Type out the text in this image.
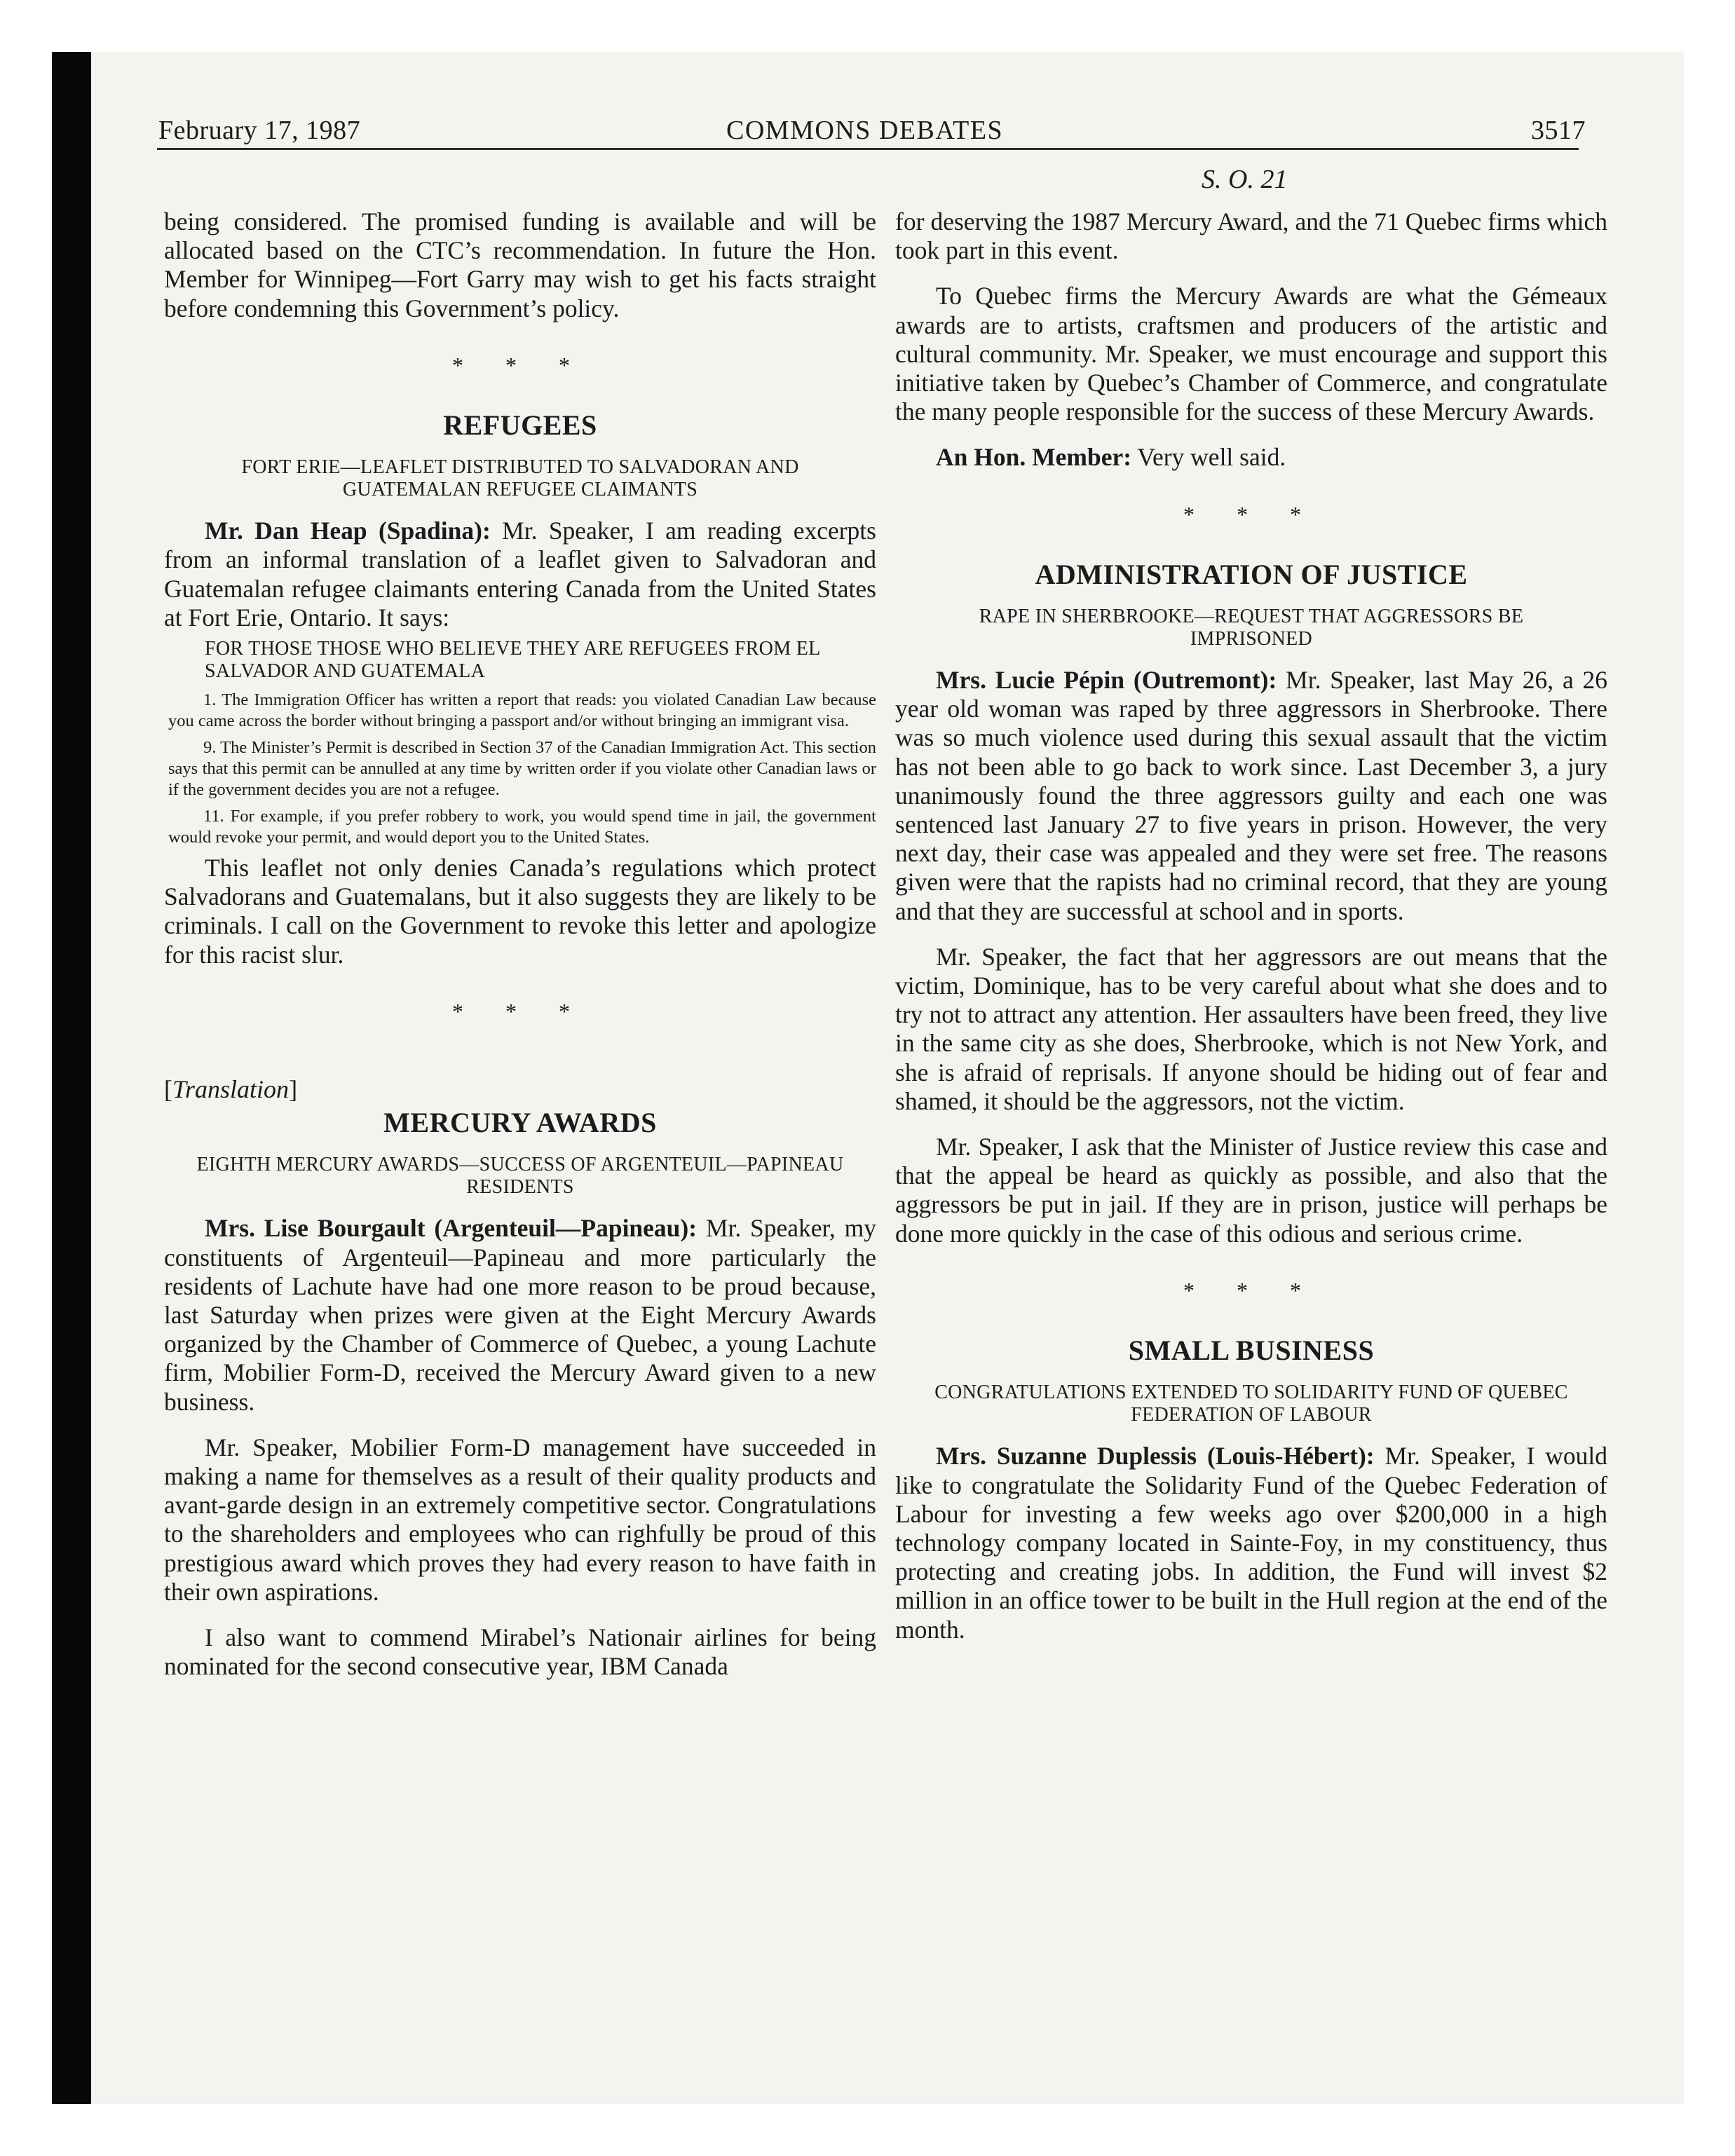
February 17, 1987	COMMONS DEBATES	3517
S. O. 21

being considered. The promised funding is available and will be allocated based on the CTC’s recommendation. In future the Hon. Member for Winnipeg—Fort Garry may wish to get his facts straight before condemning this Government’s policy.

* * *
REFUGEES
FORT ERIE—LEAFLET DISTRIBUTED TO SALVADORAN AND GUATEMALAN REFUGEE CLAIMANTS

Mr. Dan Heap (Spadina): Mr. Speaker, I am reading excerpts from an informal translation of a leaflet given to Salvadoran and Guatemalan refugee claimants entering Canada from the United States at Fort Erie, Ontario. It says:

FOR THOSE THOSE WHO BELIEVE THEY ARE REFUGEES FROM EL SALVADOR AND GUATEMALA

1. The Immigration Officer has written a report that reads: you violated Canadian Law because you came across the border without bringing a passport and/or without bringing an immigrant visa.

9. The Minister’s Permit is described in Section 37 of the Canadian Immigration Act. This section says that this permit can be annulled at any time by written order if you violate other Canadian laws or if the government decides you are not a refugee.

11. For example, if you prefer robbery to work, you would spend time in jail, the government would revoke your permit, and would deport you to the United States.

This leaflet not only denies Canada’s regulations which protect Salvadorans and Guatemalans, but it also suggests they are likely to be criminals. I call on the Government to revoke this letter and apologize for this racist slur.

* * *
[Translation]
MERCURY AWARDS
EIGHTH MERCURY AWARDS—SUCCESS OF ARGENTEUIL—PAPINEAU RESIDENTS

Mrs. Lise Bourgault (Argenteuil—Papineau): Mr. Speaker, my constituents of Argenteuil—Papineau and more particularly the residents of Lachute have had one more reason to be proud because, last Saturday when prizes were given at the Eight Mercury Awards organized by the Chamber of Commerce of Quebec, a young Lachute firm, Mobilier Form-D, received the Mercury Award given to a new business.

Mr. Speaker, Mobilier Form-D management have succeeded in making a name for themselves as a result of their quality products and avant-garde design in an extremely competitive sector. Congratulations to the shareholders and employees who can righfully be proud of this prestigious award which proves they had every reason to have faith in their own aspirations.

I also want to commend Mirabel’s Nationair airlines for being nominated for the second consecutive year, IBM Canada

for deserving the 1987 Mercury Award, and the 71 Quebec firms which took part in this event.

To Quebec firms the Mercury Awards are what the Gémeaux awards are to artists, craftsmen and producers of the artistic and cultural community. Mr. Speaker, we must encourage and support this initiative taken by Quebec’s Chamber of Commerce, and congratulate the many people responsible for the success of these Mercury Awards.

An Hon. Member: Very well said.

* * *
ADMINISTRATION OF JUSTICE
RAPE IN SHERBROOKE—REQUEST THAT AGGRESSORS BE IMPRISONED

Mrs. Lucie Pépin (Outremont): Mr. Speaker, last May 26, a 26 year old woman was raped by three aggressors in Sherbrooke. There was so much violence used during this sexual assault that the victim has not been able to go back to work since. Last December 3, a jury unanimously found the three aggressors guilty and each one was sentenced last January 27 to five years in prison. However, the very next day, their case was appealed and they were set free. The reasons given were that the rapists had no criminal record, that they are young and that they are successful at school and in sports.

Mr. Speaker, the fact that her aggressors are out means that the victim, Dominique, has to be very careful about what she does and to try not to attract any attention. Her assaulters have been freed, they live in the same city as she does, Sherbrooke, which is not New York, and she is afraid of reprisals. If anyone should be hiding out of fear and shamed, it should be the aggressors, not the victim.

Mr. Speaker, I ask that the Minister of Justice review this case and that the appeal be heard as quickly as possible, and also that the aggressors be put in jail. If they are in prison, justice will perhaps be done more quickly in the case of this odious and serious crime.

* * *
SMALL BUSINESS
CONGRATULATIONS EXTENDED TO SOLIDARITY FUND OF QUEBEC FEDERATION OF LABOUR

Mrs. Suzanne Duplessis (Louis-Hébert): Mr. Speaker, I would like to congratulate the Solidarity Fund of the Quebec Federation of Labour for investing a few weeks ago over $200,000 in a high technology company located in Sainte-Foy, in my constituency, thus protecting and creating jobs. In addition, the Fund will invest $2 million in an office tower to be built in the Hull region at the end of the month.
